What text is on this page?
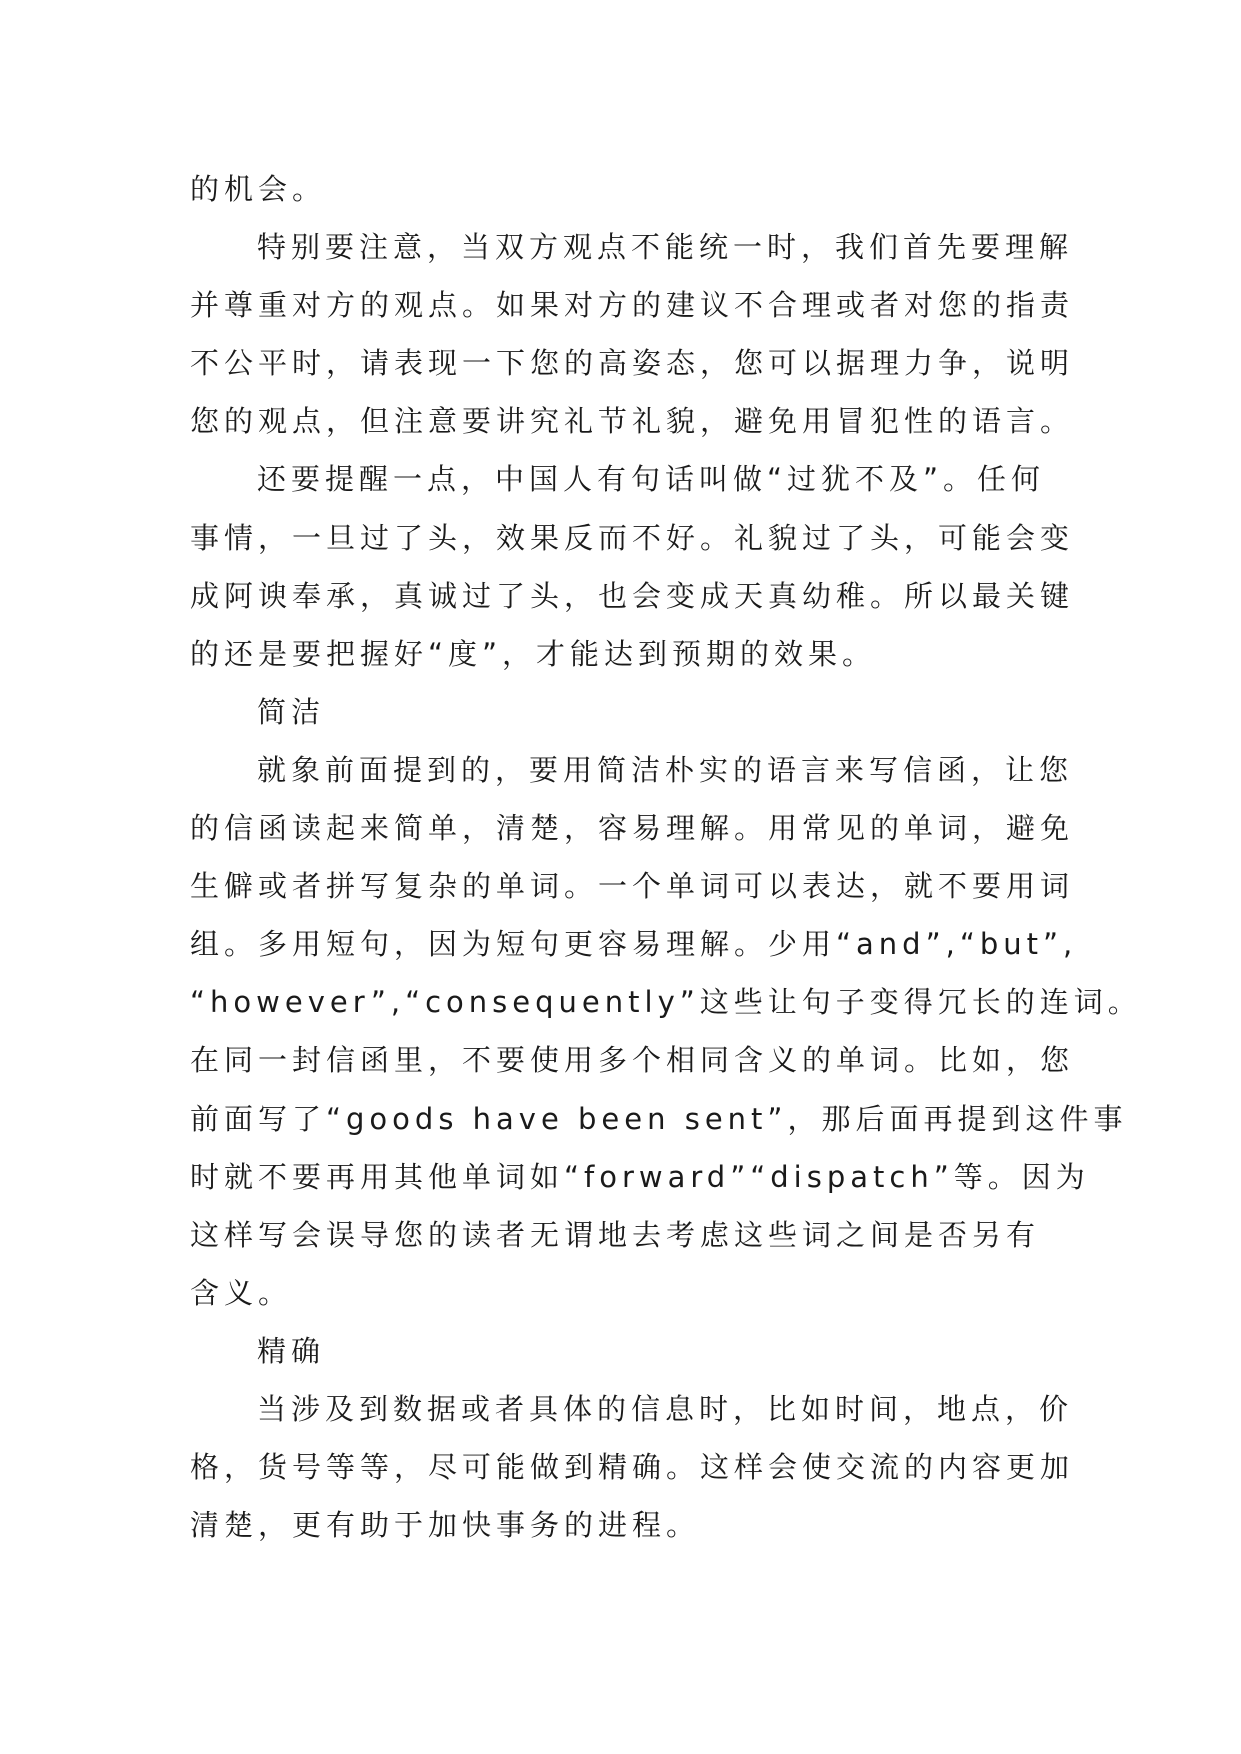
的机会。
特别要注意，当双方观点不能统一时，我们首先要理解
并尊重对方的观点。如果对方的建议不合理或者对您的指责
不公平时，请表现一下您的高姿态，您可以据理力争，说明
您的观点，但注意要讲究礼节礼貌，避免用冒犯性的语言。
还要提醒一点，中国人有句话叫做“过犹不及”。任何
事情，一旦过了头，效果反而不好。礼貌过了头，可能会变
成阿谀奉承，真诚过了头，也会变成天真幼稚。所以最关键
的还是要把握好“度”，才能达到预期的效果。
简洁
就象前面提到的，要用简洁朴实的语言来写信函，让您
的信函读起来简单，清楚，容易理解。用常见的单词，避免
生僻或者拼写复杂的单词。一个单词可以表达，就不要用词
组。多用短句，因为短句更容易理解。少用“and”,“but”,
“however”,“consequently”这些让句子变得冗长的连词。
在同一封信函里，不要使用多个相同含义的单词。比如，您
前面写了“goods have been sent”，那后面再提到这件事
时就不要再用其他单词如“forward”“dispatch”等。因为
这样写会误导您的读者无谓地去考虑这些词之间是否另有
含义。
精确
当涉及到数据或者具体的信息时，比如时间，地点，价
格，货号等等，尽可能做到精确。这样会使交流的内容更加
清楚，更有助于加快事务的进程。
